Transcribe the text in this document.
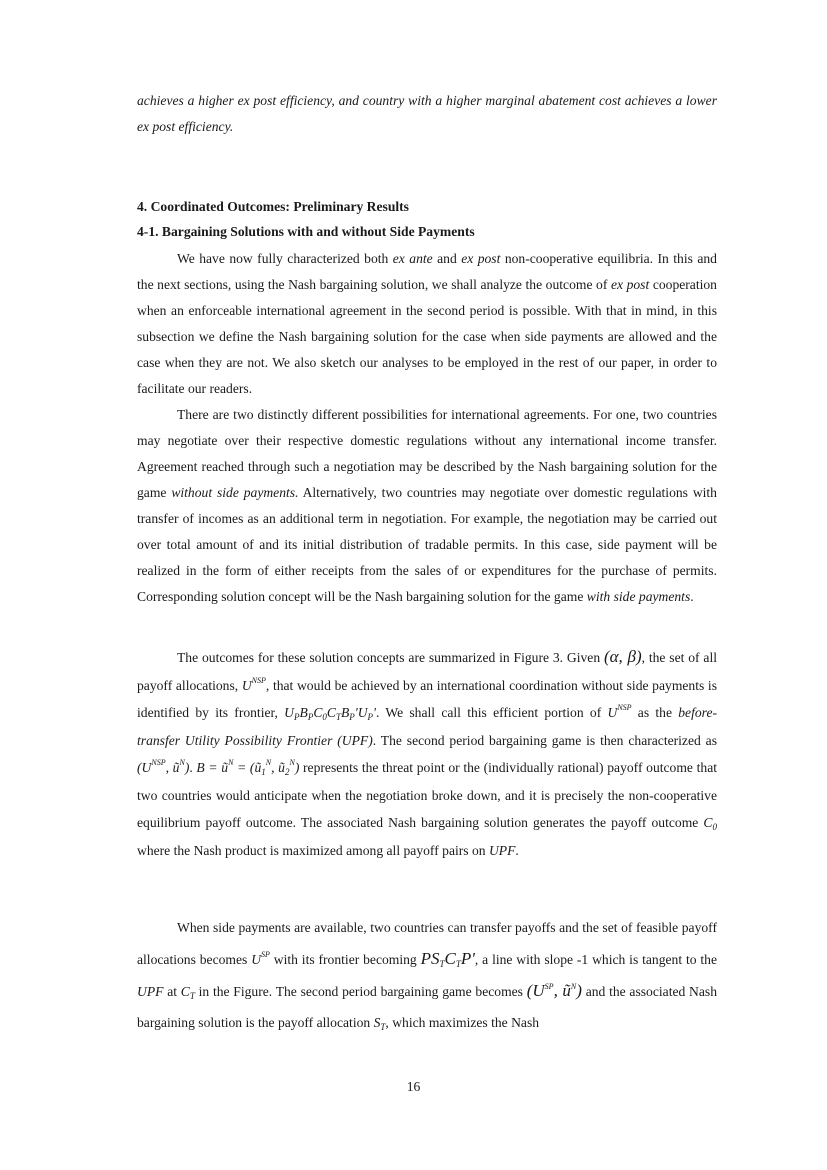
achieves a higher ex post efficiency, and country with a higher marginal abatement cost achieves a lower ex post efficiency.

4. Coordinated Outcomes: Preliminary Results

4-1. Bargaining Solutions with and without Side Payments

We have now fully characterized both ex ante and ex post non-cooperative equilibria. In this and the next sections, using the Nash bargaining solution, we shall analyze the outcome of ex post cooperation when an enforceable international agreement in the second period is possible. With that in mind, in this subsection we define the Nash bargaining solution for the case when side payments are allowed and the case when they are not. We also sketch our analyses to be employed in the rest of our paper, in order to facilitate our readers.

There are two distinctly different possibilities for international agreements. For one, two countries may negotiate over their respective domestic regulations without any international income transfer. Agreement reached through such a negotiation may be described by the Nash bargaining solution for the game without side payments. Alternatively, two countries may negotiate over domestic regulations with transfer of incomes as an additional term in negotiation. For example, the negotiation may be carried out over total amount of and its initial distribution of tradable permits. In this case, side payment will be realized in the form of either receipts from the sales of or expenditures for the purchase of permits. Corresponding solution concept will be the Nash bargaining solution for the game with side payments.

The outcomes for these solution concepts are summarized in Figure 3. Given (α, β), the set of all payoff allocations, $U^{NSP}$, that would be achieved by an international coordination without side payments is identified by its frontier, $U_PB_PC_0C_TB_P'U_P'$. We shall call this efficient portion of $U^{NSP}$ as the before-transfer Utility Possibility Frontier (UPF). The second period bargaining game is then characterized as ($U^{NSP}$, $ũ^N$). $B = ũ^N$ = ($ũ_1^N$, $ũ_2^N$) represents the threat point or the (individually rational) payoff outcome that two countries would anticipate when the negotiation broke down, and it is precisely the non-cooperative equilibrium payoff outcome. The associated Nash bargaining solution generates the payoff outcome $C_0$ where the Nash product is maximized among all payoff pairs on UPF.

When side payments are available, two countries can transfer payoffs and the set of feasible payoff allocations becomes $U^{SP}$ with its frontier becoming $PS_TC_TP'$, a line with slope -1 which is tangent to the UPF at $C_T$ in the Figure. The second period bargaining game becomes ($U^{SP}$, $ũ^N$) and the associated Nash bargaining solution is the payoff allocation $S_T$, which maximizes the Nash

16
